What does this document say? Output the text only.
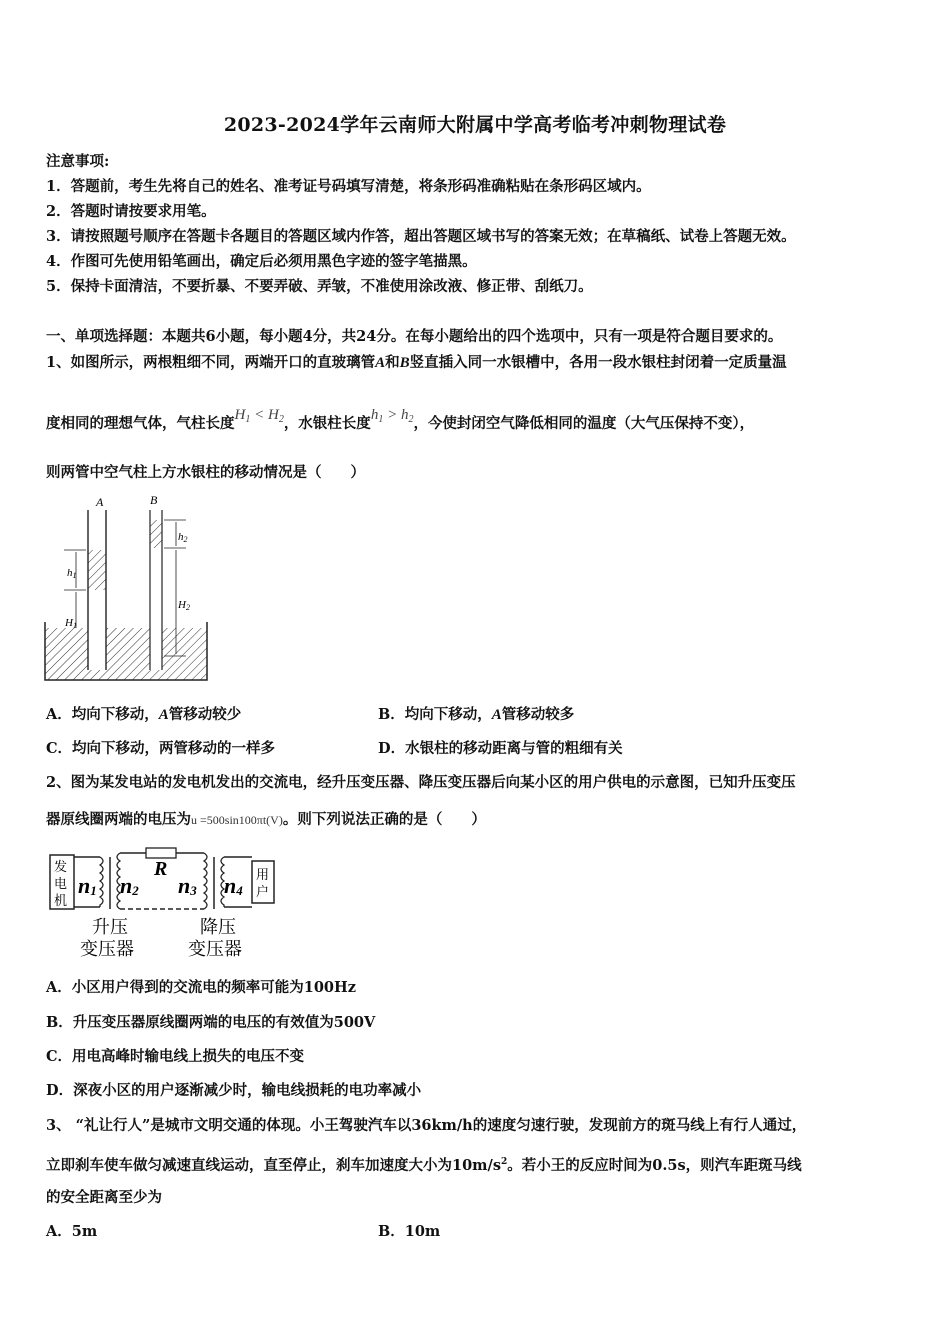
2023-2024学年云南师大附属中学高考临考冲刺物理试卷
注意事项:
1．答题前，考生先将自己的姓名、准考证号码填写清楚，将条形码准确粘贴在条形码区域内。
2．答题时请按要求用笔。
3．请按照题号顺序在答题卡各题目的答题区域内作答，超出答题区域书写的答案无效；在草稿纸、试卷上答题无效。
4．作图可先使用铅笔画出，确定后必须用黑色字迹的签字笔描黑。
5．保持卡面清洁，不要折暴、不要弄破、弄皱，不准使用涂改液、修正带、刮纸刀。
一、单项选择题：本题共6小题，每小题4分，共24分。在每小题给出的四个选项中，只有一项是符合题目要求的。
1、如图所示，两根粗细不同，两端开口的直玻璃管A和B竖直插入同一水银槽中，各用一段水银柱封闭着一定质量温
度相同的理想气体，气柱长度$H_1 < H_2$，水银柱长度$h_1 > h_2$，今使封闭空气降低相同的温度（大气压保持不变），
则两管中空气柱上方水银柱的移动情况是（　　）
A	B
h1
H1
h2
H2
A．均向下移动，A管移动较少	B．均向下移动，A管移动较多
C．均向下移动，两管移动的一样多	D．水银柱的移动距离与管的粗细有关
2、图为某发电站的发电机发出的交流电，经升压变压器、降压变压器后向某小区的用户供电的示意图，已知升压变压
器原线圈两端的电压为u =500sin100πt(V)。则下列说法正确的是（　　）
发
电
机
n1 n2
R
n3 n4
用
户
升压
变压器
降压
变压器
A．小区用户得到的交流电的频率可能为100Hz
B．升压变压器原线圈两端的电压的有效值为500V
C．用电高峰时输电线上损失的电压不变
D．深夜小区的用户逐渐减少时，输电线损耗的电功率减小
3、 “礼让行人”是城市文明交通的体现。小王驾驶汽车以36km/h的速度匀速行驶，发现前方的斑马线上有行人通过，
立即刹车使车做匀减速直线运动，直至停止，刹车加速度大小为$10m/s^2$。若小王的反应时间为0.5s，则汽车距斑马线
的安全距离至少为
A．5m	B．10m
